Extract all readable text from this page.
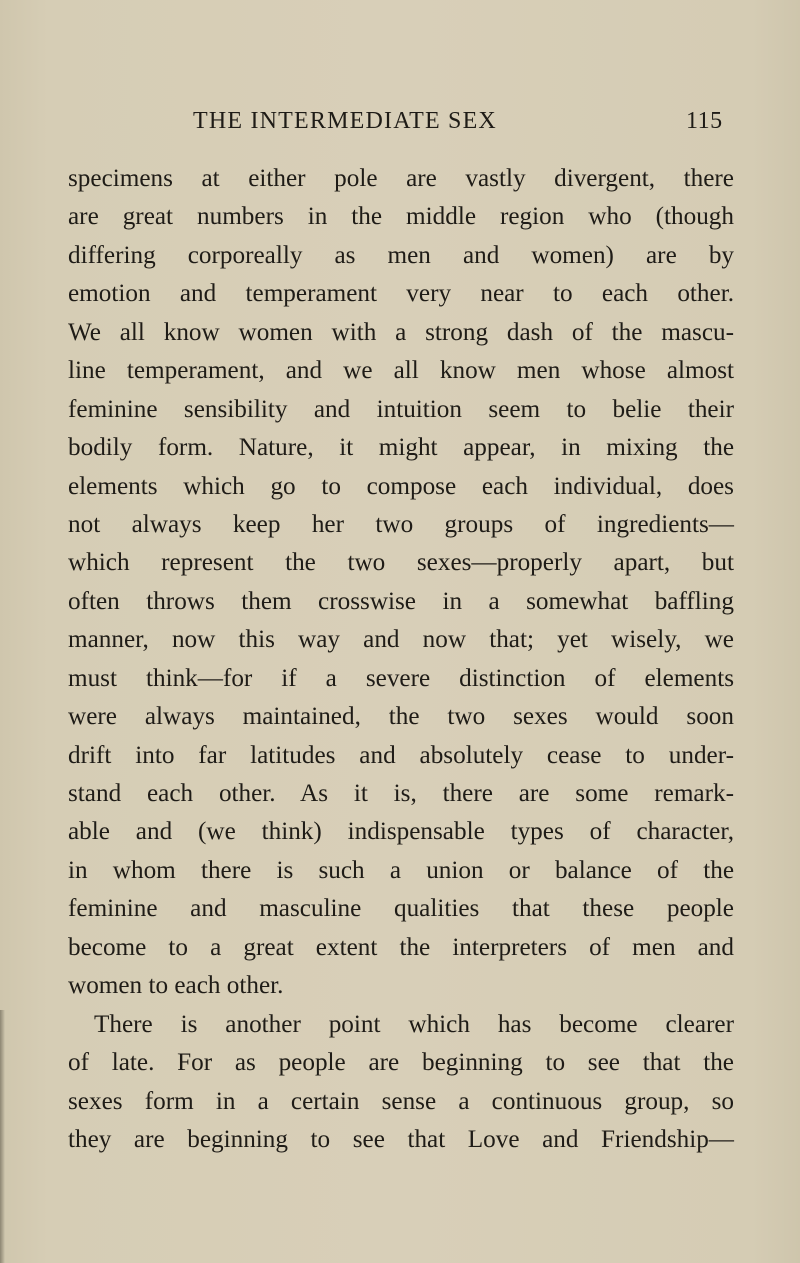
THE INTERMEDIATE SEX	115
specimens at either pole are vastly divergent, there
are great numbers in the middle region who (though
differing corporeally as men and women) are by
emotion and temperament very near to each other.
We all know women with a strong dash of the mascu-
line temperament, and we all know men whose almost
feminine sensibility and intuition seem to belie their
bodily form. Nature, it might appear, in mixing the
elements which go to compose each individual, does
not always keep her two groups of ingredients—
which represent the two sexes—properly apart, but
often throws them crosswise in a somewhat baffling
manner, now this way and now that; yet wisely, we
must think—for if a severe distinction of elements
were always maintained, the two sexes would soon
drift into far latitudes and absolutely cease to under-
stand each other. As it is, there are some remark-
able and (we think) indispensable types of character,
in whom there is such a union or balance of the
feminine and masculine qualities that these people
become to a great extent the interpreters of men and
women to each other.
There is another point which has become clearer
of late. For as people are beginning to see that the
sexes form in a certain sense a continuous group, so
they are beginning to see that Love and Friendship—
